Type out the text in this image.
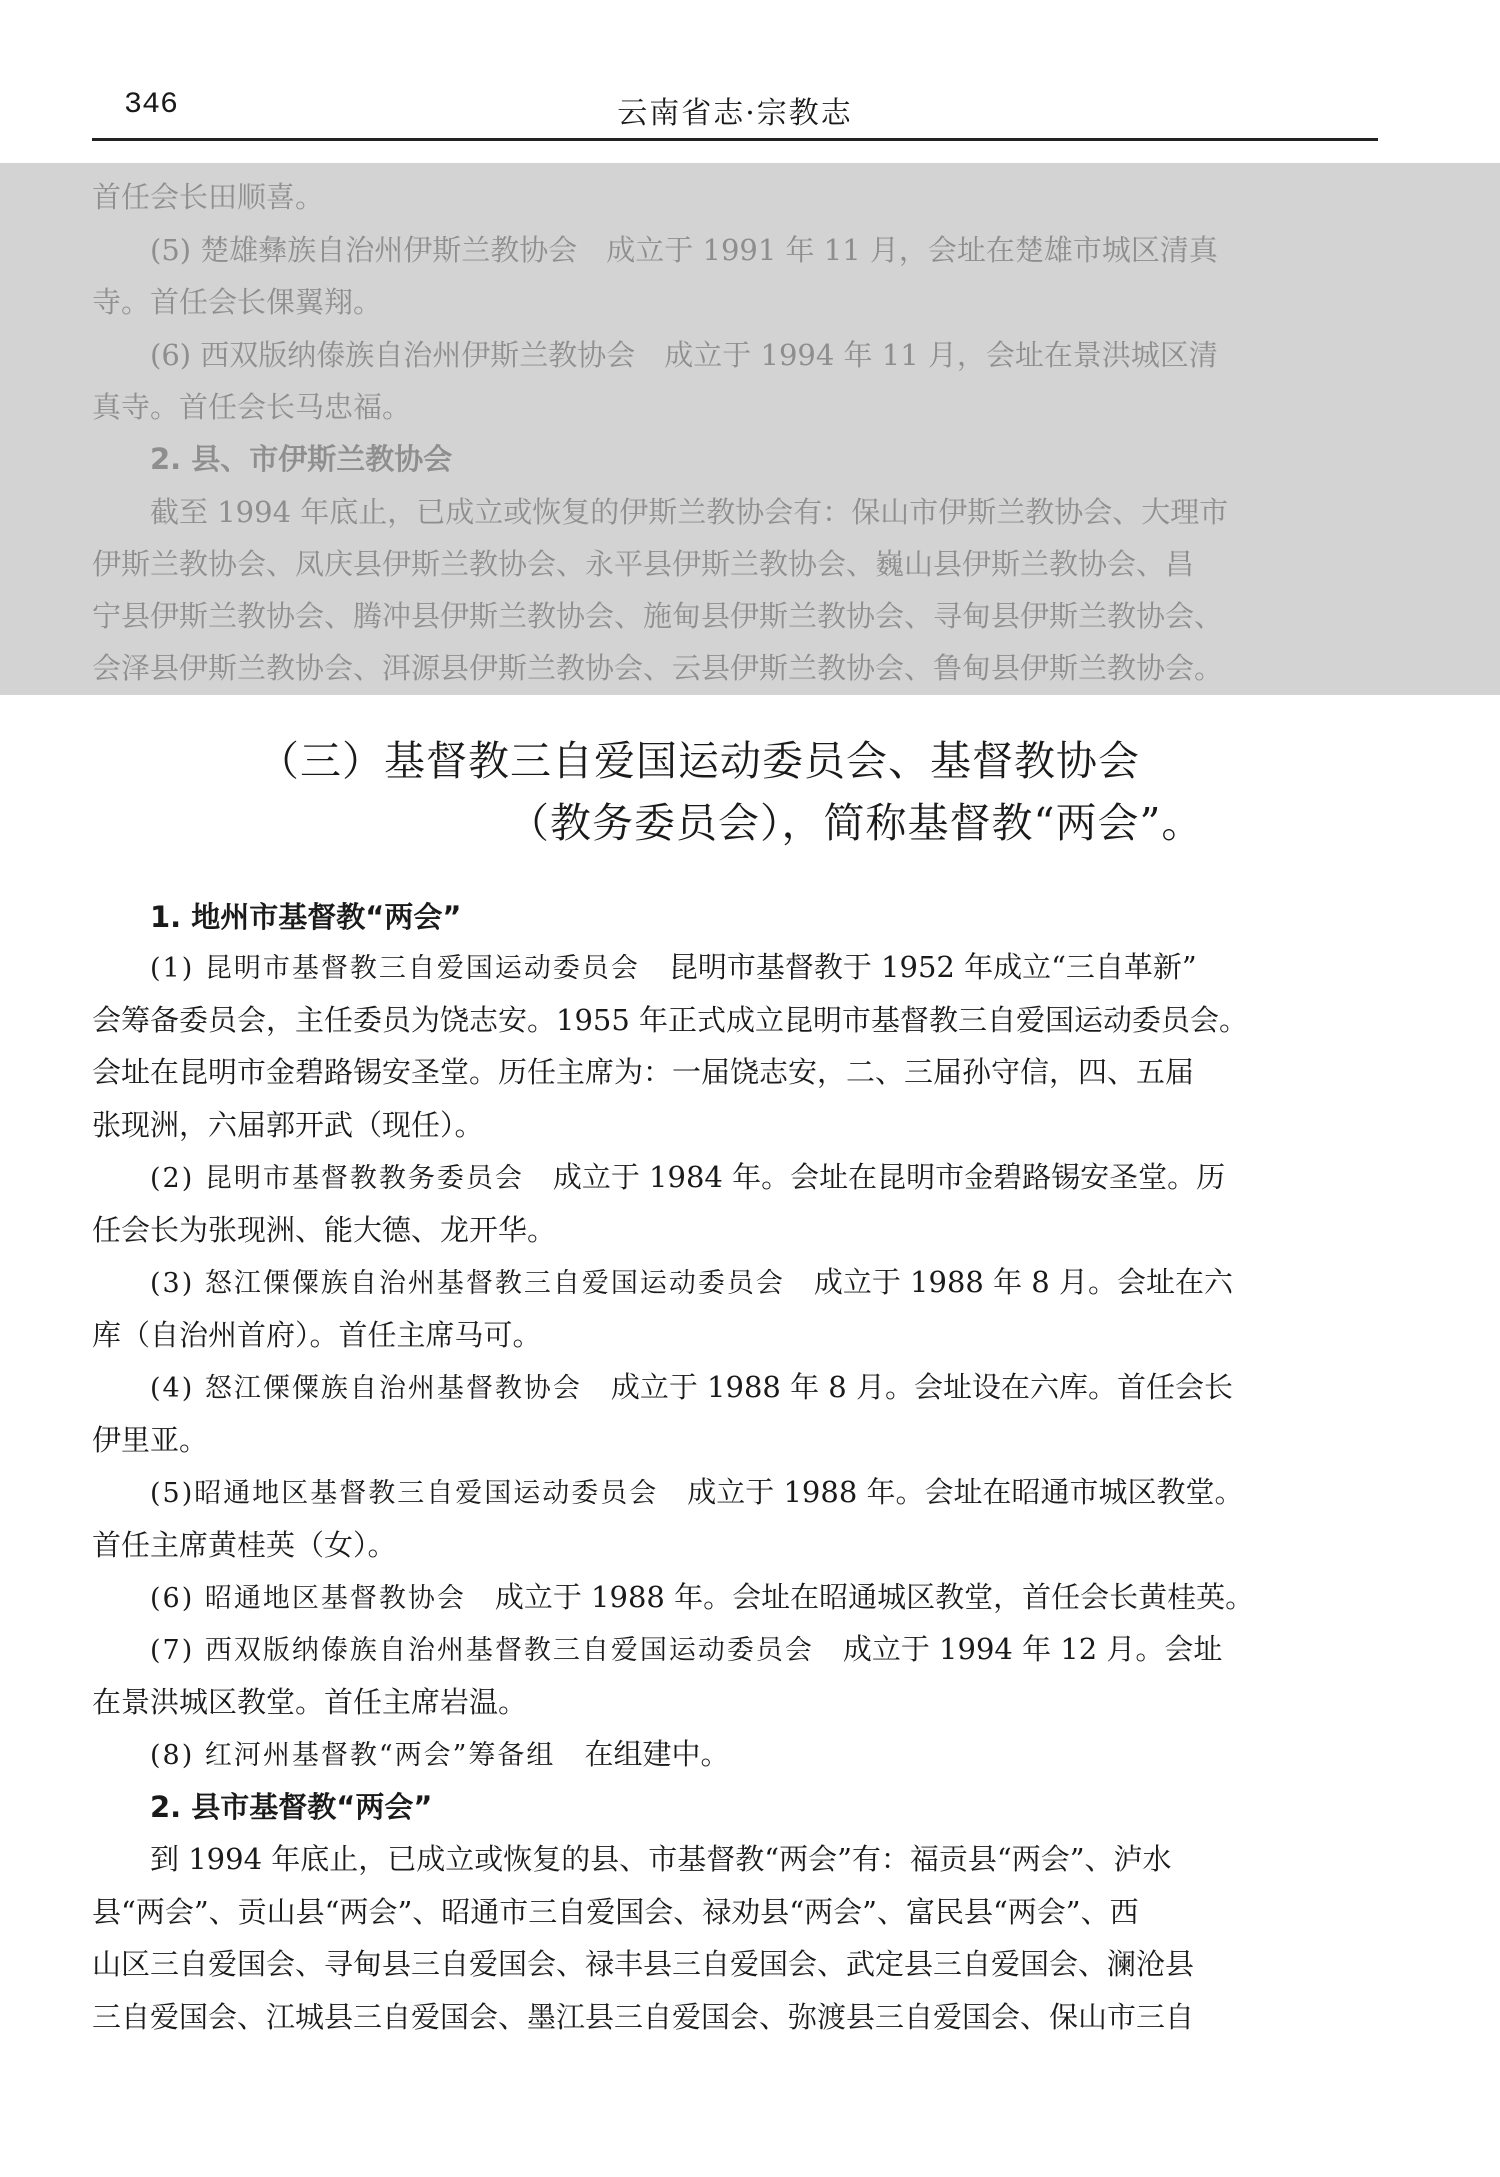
346	云南省志·宗教志
首任会长田顺喜。
(5) 楚雄彝族自治州伊斯兰教协会　成立于 1991 年 11 月，会址在楚雄市城区清真
寺。首任会长倮翼翔。
(6) 西双版纳傣族自治州伊斯兰教协会　成立于 1994 年 11 月，会址在景洪城区清
真寺。首任会长马忠福。
2. 县、市伊斯兰教协会
截至 1994 年底止，已成立或恢复的伊斯兰教协会有：保山市伊斯兰教协会、大理市
伊斯兰教协会、凤庆县伊斯兰教协会、永平县伊斯兰教协会、巍山县伊斯兰教协会、昌
宁县伊斯兰教协会、腾冲县伊斯兰教协会、施甸县伊斯兰教协会、寻甸县伊斯兰教协会、
会泽县伊斯兰教协会、洱源县伊斯兰教协会、云县伊斯兰教协会、鲁甸县伊斯兰教协会。
（三）基督教三自爱国运动委员会、基督教协会
（教务委员会），简称基督教“两会”。
1. 地州市基督教“两会”
(1) 昆明市基督教三自爱国运动委员会　昆明市基督教于 1952 年成立“三自革新”
会筹备委员会，主任委员为饶志安。1955 年正式成立昆明市基督教三自爱国运动委员会。
会址在昆明市金碧路锡安圣堂。历任主席为：一届饶志安，二、三届孙守信，四、五届
张现洲，六届郭开武（现任）。
(2) 昆明市基督教教务委员会　成立于 1984 年。会址在昆明市金碧路锡安圣堂。历
任会长为张现洲、能大德、龙开华。
(3) 怒江傈僳族自治州基督教三自爱国运动委员会　成立于 1988 年 8 月。会址在六
库（自治州首府）。首任主席马可。
(4) 怒江傈僳族自治州基督教协会　成立于 1988 年 8 月。会址设在六库。首任会长
伊里亚。
(5)昭通地区基督教三自爱国运动委员会　成立于 1988 年。会址在昭通市城区教堂。
首任主席黄桂英（女）。
(6) 昭通地区基督教协会　成立于 1988 年。会址在昭通城区教堂，首任会长黄桂英。
(7) 西双版纳傣族自治州基督教三自爱国运动委员会　成立于 1994 年 12 月。会址
在景洪城区教堂。首任主席岩温。
(8) 红河州基督教“两会”筹备组　在组建中。
2. 县市基督教“两会”
到 1994 年底止，已成立或恢复的县、市基督教“两会”有：福贡县“两会”、泸水
县“两会”、贡山县“两会”、昭通市三自爱国会、禄劝县“两会”、富民县“两会”、西
山区三自爱国会、寻甸县三自爱国会、禄丰县三自爱国会、武定县三自爱国会、澜沧县
三自爱国会、江城县三自爱国会、墨江县三自爱国会、弥渡县三自爱国会、保山市三自
